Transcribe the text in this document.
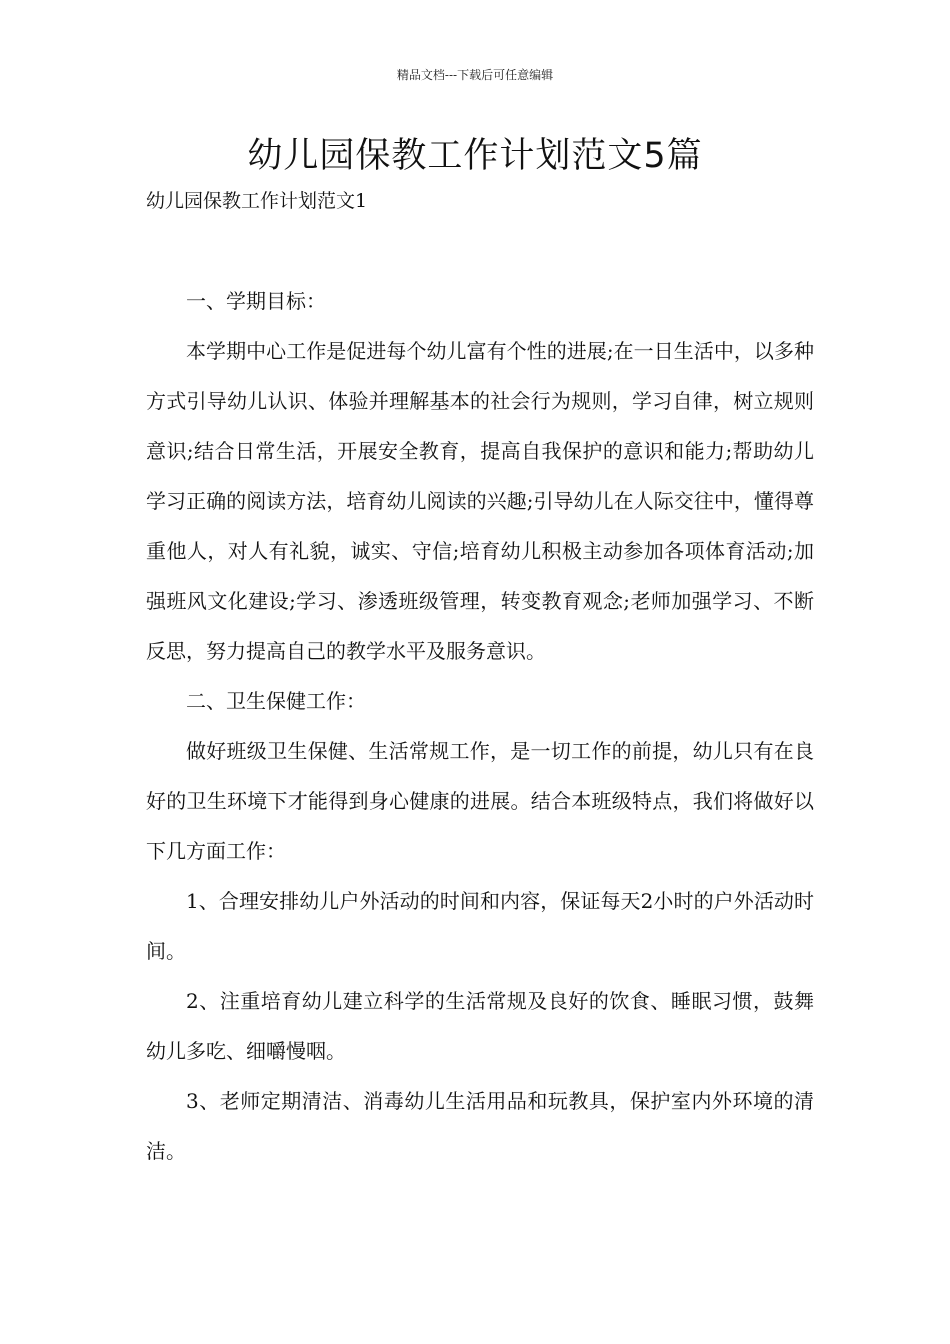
精品文档---下载后可任意编辑
幼儿园保教工作计划范文5篇
幼儿园保教工作计划范文1

一、学期目标：

本学期中心工作是促进每个幼儿富有个性的进展;在一日生活中，以多种方式引导幼儿认识、体验并理解基本的社会行为规则，学习自律，树立规则意识;结合日常生活，开展安全教育，提高自我保护的意识和能力;帮助幼儿学习正确的阅读方法，培育幼儿阅读的兴趣;引导幼儿在人际交往中，懂得尊重他人，对人有礼貌，诚实、守信;培育幼儿积极主动参加各项体育活动;加强班风文化建设;学习、渗透班级管理，转变教育观念;老师加强学习、不断反思，努力提高自己的教学水平及服务意识。

二、卫生保健工作：

做好班级卫生保健、生活常规工作，是一切工作的前提，幼儿只有在良好的卫生环境下才能得到身心健康的进展。结合本班级特点，我们将做好以下几方面工作：

1、合理安排幼儿户外活动的时间和内容，保证每天2小时的户外活动时间。

2、注重培育幼儿建立科学的生活常规及良好的饮食、睡眠习惯，鼓舞幼儿多吃、细嚼慢咽。

3、老师定期清洁、消毒幼儿生活用品和玩教具，保护室内外环境的清洁。
